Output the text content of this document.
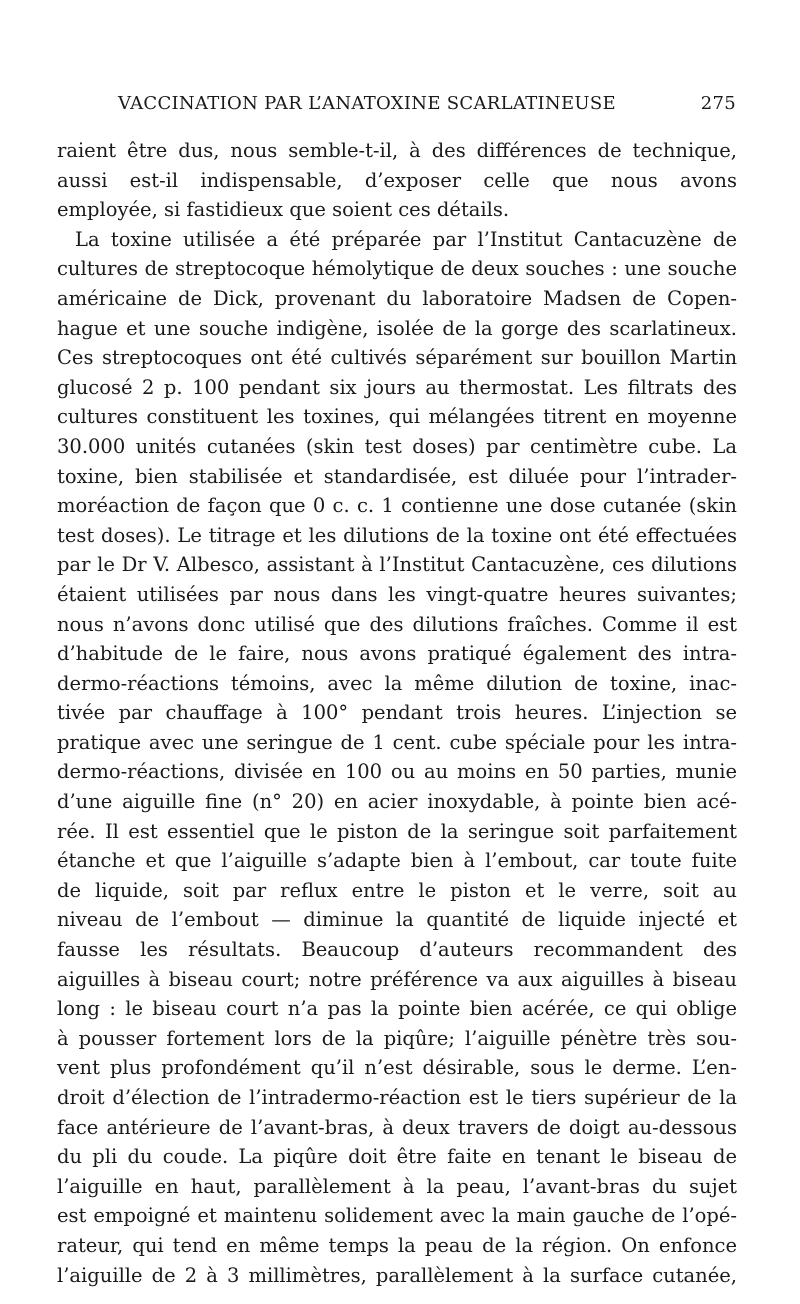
VACCINATION PAR L’ANATOXINE SCARLATINEUSE	275
raient être dus, nous semble-t-il, à des différences de technique,
aussi est-il indispensable, d’exposer celle que nous avons
employée, si fastidieux que soient ces détails.
La toxine utilisée a été préparée par l’Institut Cantacuzène de
cultures de streptocoque hémolytique de deux souches : une souche
américaine de Dick, provenant du laboratoire Madsen de Copen-
hague et une souche indigène, isolée de la gorge des scarlatineux.
Ces streptocoques ont été cultivés séparément sur bouillon Martin
glucosé 2 p. 100 pendant six jours au thermostat. Les filtrats des
cultures constituent les toxines, qui mélangées titrent en moyenne
30.000 unités cutanées (skin test doses) par centimètre cube. La
toxine, bien stabilisée et standardisée, est diluée pour l’intrader-
moréaction de façon que 0 c. c. 1 contienne une dose cutanée (skin
test doses). Le titrage et les dilutions de la toxine ont été effectuées
par le Dr V. Albesco, assistant à l’Institut Cantacuzène, ces dilutions
étaient utilisées par nous dans les vingt-quatre heures suivantes;
nous n’avons donc utilisé que des dilutions fraîches. Comme il est
d’habitude de le faire, nous avons pratiqué également des intra-
dermo-réactions témoins, avec la même dilution de toxine, inac-
tivée par chauffage à 100° pendant trois heures. L’injection se
pratique avec une seringue de 1 cent. cube spéciale pour les intra-
dermo-réactions, divisée en 100 ou au moins en 50 parties, munie
d’une aiguille fine (n° 20) en acier inoxydable, à pointe bien acé-
rée. Il est essentiel que le piston de la seringue soit parfaitement
étanche et que l’aiguille s’adapte bien à l’embout, car toute fuite
de liquide, soit par reflux entre le piston et le verre, soit au
niveau de l’embout — diminue la quantité de liquide injecté et
fausse les résultats. Beaucoup d’auteurs recommandent des
aiguilles à biseau court; notre préférence va aux aiguilles à biseau
long : le biseau court n’a pas la pointe bien acérée, ce qui oblige
à pousser fortement lors de la piqûre; l’aiguille pénètre très sou-
vent plus profondément qu’il n’est désirable, sous le derme. L’en-
droit d’élection de l’intradermo-réaction est le tiers supérieur de la
face antérieure de l’avant-bras, à deux travers de doigt au-dessous
du pli du coude. La piqûre doit être faite en tenant le biseau de
l’aiguille en haut, parallèlement à la peau, l’avant-bras du sujet
est empoigné et maintenu solidement avec la main gauche de l’opé-
rateur, qui tend en même temps la peau de la région. On enfonce
l’aiguille de 2 à 3 millimètres, parallèlement à la surface cutanée,
